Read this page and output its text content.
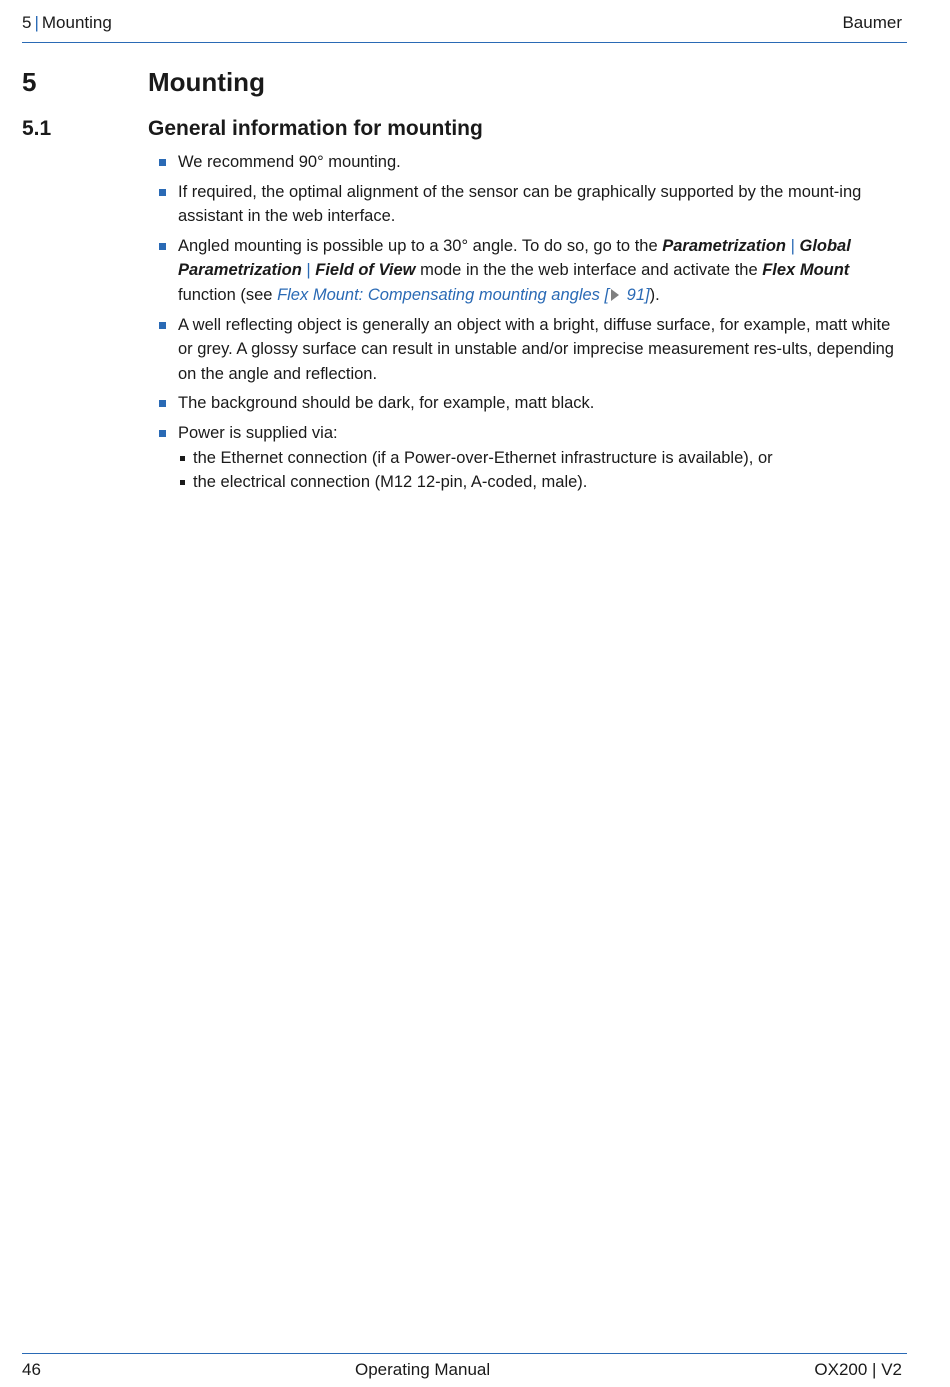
5 | Mounting	Baumer
5	Mounting
5.1	General information for mounting
We recommend 90° mounting.
If required, the optimal alignment of the sensor can be graphically supported by the mount-ing assistant in the web interface.
Angled mounting is possible up to a 30° angle. To do so, go to the Parametrization | Global Parametrization | Field of View mode in the the web interface and activate the Flex Mount function (see Flex Mount: Compensating mounting angles [ 91]).
A well reflecting object is generally an object with a bright, diffuse surface, for example, matt white or grey. A glossy surface can result in unstable and/or imprecise measurement res-ults, depending on the angle and reflection.
The background should be dark, for example, matt black.
Power is supplied via:
the Ethernet connection (if a Power-over-Ethernet infrastructure is available), or
the electrical connection (M12 12-pin, A-coded, male).
46	Operating Manual	OX200 | V2
